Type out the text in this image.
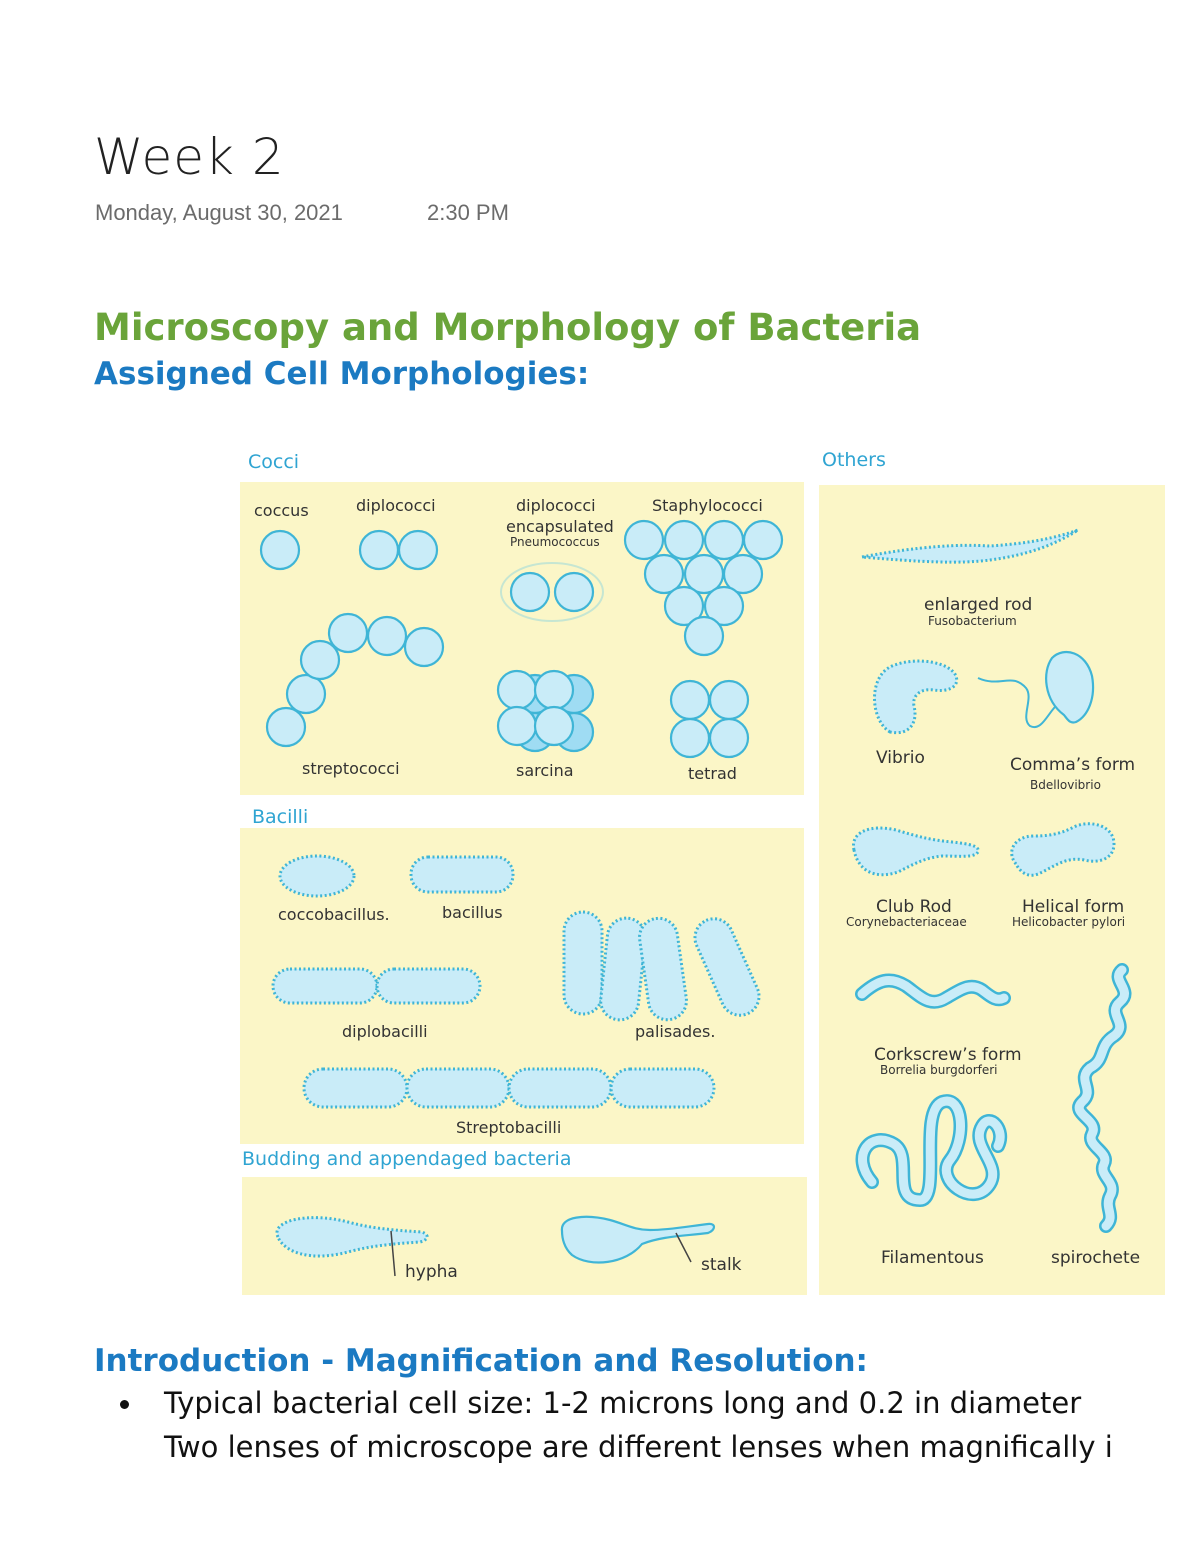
Week 2
Monday, August 30, 2021	2:30 PM
Microscopy and Morphology of Bacteria
Assigned Cell Morphologies:
Cocci
Bacilli
Budding and appendaged bacteria
Others
coccus	diplococci	diplococci
encapsulated
Pneumococcus
Staphylococci
streptococci	sarcina	tetrad
coccobacillus.	bacillus
diplobacilli	palisades.
Streptobacilli
hypha	stalk
enlarged rod
Fusobacterium
Vibrio	Comma’s form
Bdellovibrio
Club Rod
Corynebacteriaceae
Helical form
Helicobacter pylori
Corkscrew’s form
Borrelia burgdorferi
Filamentous	spirochete
Introduction - Magnification and Resolution:
Typical bacterial cell size: 1-2 microns long and 0.2 in diameter
Two lenses of microscope are different lenses when magnifically i
